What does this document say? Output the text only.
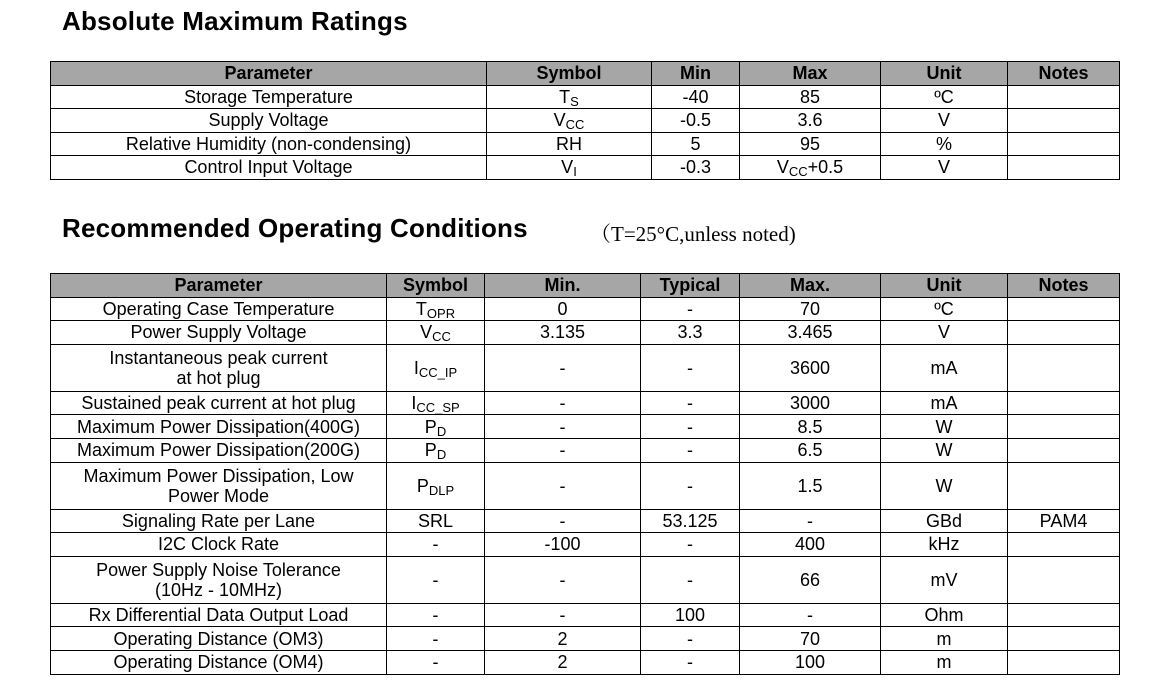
Absolute Maximum Ratings
Parameter	Symbol	Min	Max	Unit	Notes
Storage Temperature	$T_S$	-40	85	ºC	
Supply Voltage	$V_{CC}$	-0.5	3.6	V	
Relative Humidity (non-condensing)	RH	5	95	%	
Control Input Voltage	$V_I$	-0.3	$V_{CC}+0.5$	V	
Recommended Operating Conditions	（T=25°C,unless noted)
Parameter	Symbol	Min.	Typical	Max.	Unit	Notes
Operating Case Temperature	$T_{OPR}$	0	-	70	ºC	
Power Supply Voltage	$V_{CC}$	3.135	3.3	3.465	V	
Instantaneous peak current
at hot plug	$I_{CC\_IP}$	-	-	3600	mA	
Sustained peak current at hot plug	$I_{CC\_SP}$	-	-	3000	mA	
Maximum Power Dissipation(400G)	$P_D$	-	-	8.5	W	
Maximum Power Dissipation(200G)	$P_D$	-	-	6.5	W	
Maximum Power Dissipation, Low
Power Mode	$P_{DLP}$	-	-	1.5	W	
Signaling Rate per Lane	SRL	-	53.125	-	GBd	PAM4
I2C Clock Rate	-	-100	-	400	kHz	
Power Supply Noise Tolerance
(10Hz - 10MHz)	-	-	-	66	mV	
Rx Differential Data Output Load	-	-	100	-	Ohm	
Operating Distance (OM3)	-	2	-	70	m	
Operating Distance (OM4)	-	2	-	100	m	
